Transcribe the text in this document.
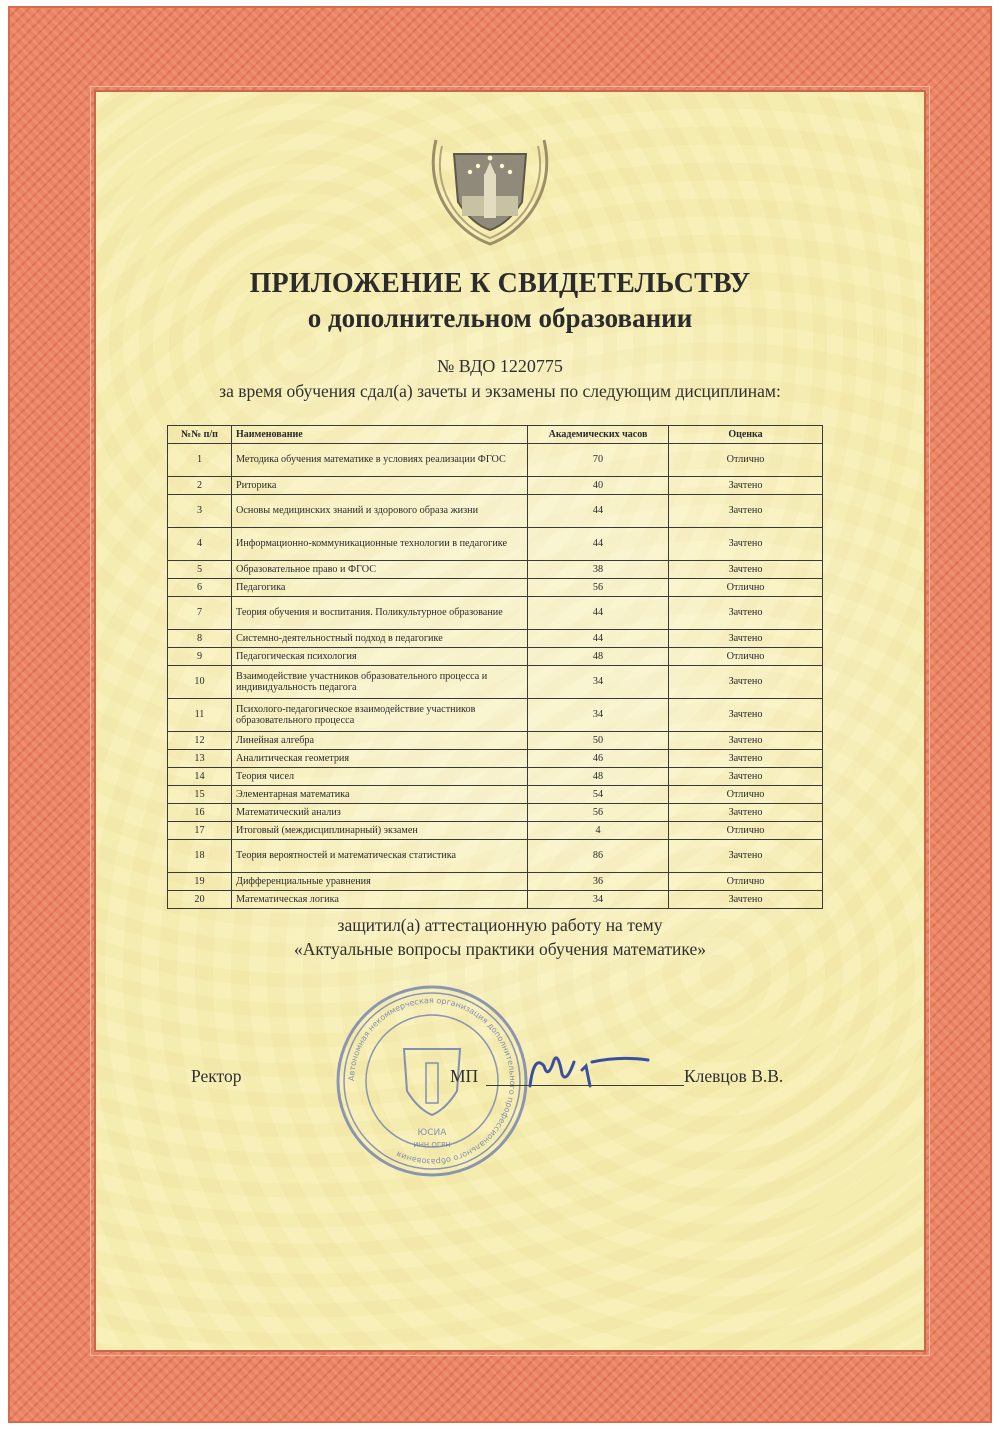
ПРИЛОЖЕНИЕ К СВИДЕТЕЛЬСТВУ
о дополнительном образовании
№ ВДО 1220775
за время обучения сдал(а) зачеты и экзамены по следующим дисциплинам:
№№ п/п	Наименование	Академических часов	Оценка
1	Методика обучения математике в условиях реализации ФГОС	70	Отлично
2	Риторика	40	Зачтено
3	Основы медицинских знаний и здорового образа жизни	44	Зачтено
4	Информационно-коммуникационные технологии в педагогике	44	Зачтено
5	Образовательное право и ФГОС	38	Зачтено
6	Педагогика	56	Отлично
7	Теория обучения и воспитания. Поликультурное образование	44	Зачтено
8	Системно-деятельностный подход в педагогике	44	Зачтено
9	Педагогическая психология	48	Отлично
10	Взаимодействие участников образовательного процесса и индивидуальность педагога	34	Зачтено
11	Психолого-педагогическое взаимодействие участников образовательного процесса	34	Зачтено
12	Линейная алгебра	50	Зачтено
13	Аналитическая геометрия	46	Зачтено
14	Теория чисел	48	Зачтено
15	Элементарная математика	54	Отлично
16	Математический анализ	56	Зачтено
17	Итоговый (междисциплинарный) экзамен	4	Отлично
18	Теория вероятностей и математическая статистика	86	Зачтено
19	Дифференциальные уравнения	36	Отлично
20	Математическая логика	34	Зачтено
защитил(а) аттестационную работу на тему
«Актуальные вопросы практики обучения математике»
Автономная некоммерческая организация дополнительного профессионального образования
ЮСИА
ИНН ОГРН
Ректор	МП	Клевцов В.В.
